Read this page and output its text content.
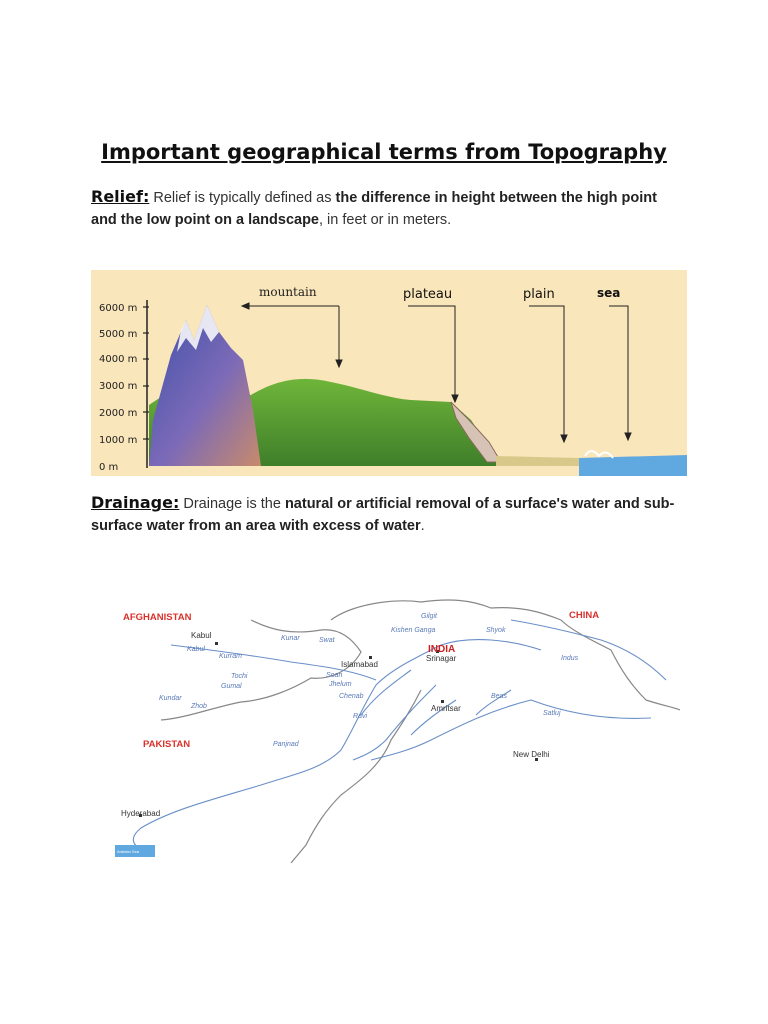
Important geographical terms from Topography

Relief: Relief is typically defined as the difference in height between the high point and the low point on a landscape, in feet or in meters.

6000 m
5000 m
4000 m
3000 m
2000 m
1000 m
0 m
mountain	plateau	plain	sea

Drainage: Drainage is the natural or artificial removal of a surface's water and sub-surface water from an area with excess of water.

Kabul
Islamabad
Srinagar
Amritsar
New Delhi
Hyderabad
Kabul
Kurram
Kunar	Swat
Gilgit
Shyok
Indus
Tochi
Gumal
Kundar
Zhob
Soan
Jhelum
Chenab
Ravi
Beas
Satluj
Panjnad
Kishen Ganga
AFGHANISTAN	CHINA
INDIA
PAKISTAN
Arabian Sea
